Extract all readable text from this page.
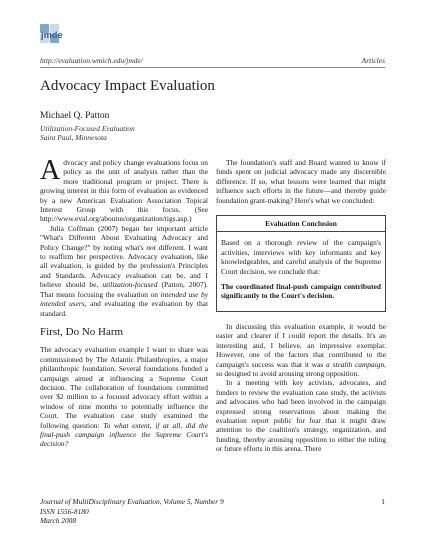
jmde
http://evaluation.wmich.edu/jmde/	Articles
Advocacy Impact Evaluation
Michael Q. Patton
Utilization-Focused Evaluation
Saint Paul, Minnesota

Advocacy and policy change evaluations focus on policy as the unit of analysis rather than the more traditional program or project. There is growing interest in this form of evaluation as evidenced by a new American Evaluation Association Topical Interest Group with this focus. (See http://www.eval.org/aboutus/organization/tigs.asp.)

Julia Coffman (2007) began her important article "What's Different About Evaluating Advocacy and Policy Change?" by noting what's not different. I want to reaffirm her perspective. Advocacy evaluation, like all evaluation, is guided by the profession's Principles and Standards. Advocacy evaluation can be, and I believe should be, utilization-focused (Patton, 2007). That means focusing the evaluation on intended use by intended users, and evaluating the evaluation by that standard.

First, Do No Harm

The advocacy evaluation example I want to share was commissioned by The Atlantic Philanthropies, a major philanthropic foundation. Several foundations funded a campaign aimed at influencing a Supreme Court decision. The collaboration of foundations committed over $2 million to a focused advocacy effort within a window of nine months to potentially influence the Court. The evaluation case study examined the following question: To what extent, if at all, did the final-push campaign influence the Supreme Court's decision?

The foundation's staff and Board wanted to know if funds spent on judicial advocacy made any discernible difference. If so, what lessons were learned that might influence such efforts in the future—and thereby guide foundation grant-making? Here's what we concluded:

Evaluation Conclusion

Based on a thorough review of the campaign's activities, interviews with key informants and key knowledgeables, and careful analysis of the Supreme Court decision, we conclude that:

The coordinated final-push campaign contributed significantly to the Court's decision.

In discussing this evaluation example, it would be easier and clearer if I could report the details. It's an interesting and, I believe, an impressive exemplar. However, one of the factors that contributed to the campaign's success was that it was a stealth campaign, so designed to avoid arousing strong opposition.

In a meeting with key activists, advocates, and funders to review the evaluation case study, the activists and advocates who had been involved in the campaign expressed strong reservations about making the evaluation report public for fear that it might draw attention to the coalition's strategy, organization, and funding, thereby arousing opposition to either the ruling or future efforts in this arena. There

Journal of MultiDisciplinary Evaluation, Volume 5, Number 9
ISSN 1556-8180
March 2008
1
